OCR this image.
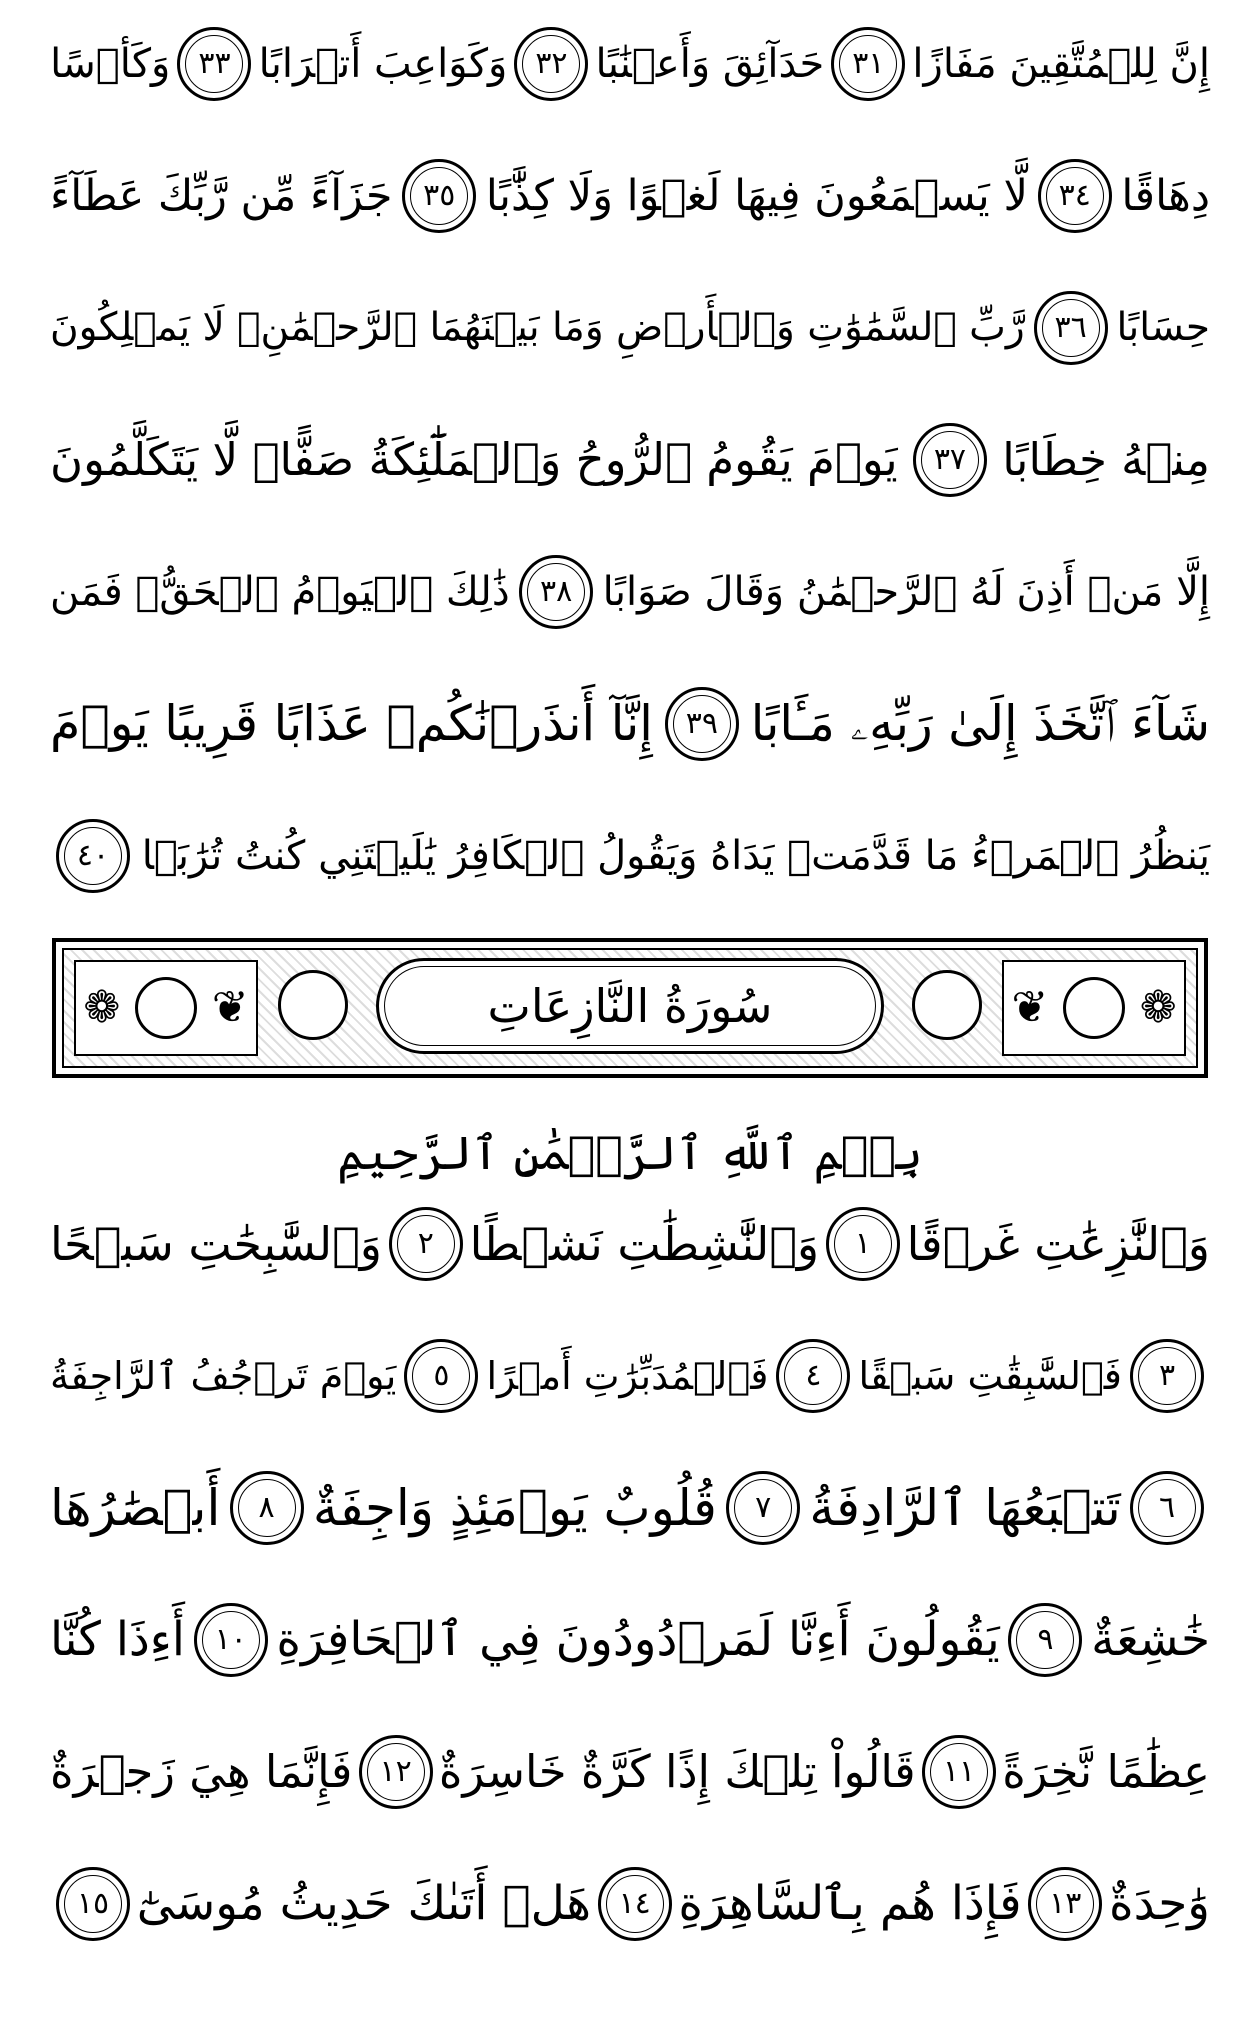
إِنَّ لِلۡمُتَّقِينَ مَفَازًا
٣١
حَدَآئِقَ وَأَعۡنَٰبًا
٣٢
وَكَوَاعِبَ أَتۡرَابًا
٣٣
وَكَأۡسًا
دِهَاقًا
٣٤
لَّا يَسۡمَعُونَ فِيهَا لَغۡوًا وَلَا كِذَّٰبًا
٣٥
جَزَآءً مِّن رَّبِّكَ عَطَآءً
حِسَابًا
٣٦
رَّبِّ ٱلسَّمَٰوَٰتِ وَٱلۡأَرۡضِ وَمَا بَيۡنَهُمَا ٱلرَّحۡمَٰنِۖ لَا يَمۡلِكُونَ
مِنۡهُ خِطَابًا
٣٧
يَوۡمَ يَقُومُ ٱلرُّوحُ وَٱلۡمَلَٰٓئِكَةُ صَفًّاۖ لَّا يَتَكَلَّمُونَ
إِلَّا مَنۡ أَذِنَ لَهُ ٱلرَّحۡمَٰنُ وَقَالَ صَوَابًا
٣٨
ذَٰلِكَ ٱلۡيَوۡمُ ٱلۡحَقُّۖ فَمَن
شَآءَ ٱتَّخَذَ إِلَىٰ رَبِّهِۦ مَـَٔابًا
٣٩
إِنَّآ أَنذَرۡنَٰكُمۡ عَذَابًا قَرِيبًا يَوۡمَ
يَنظُرُ ٱلۡمَرۡءُ مَا قَدَّمَتۡ يَدَاهُ وَيَقُولُ ٱلۡكَافِرُ يَٰلَيۡتَنِي كُنتُ تُرَٰبَۢا
٤٠
❁
❦
❦
❁	سُورَةُ النَّازِعَاتِ
بِسۡمِ ٱللَّهِ ٱلرَّحۡمَٰنِ ٱلرَّحِيمِ
وَٱلنَّٰزِعَٰتِ غَرۡقًا
١
وَٱلنَّٰشِطَٰتِ نَشۡطًا
٢
وَٱلسَّٰبِحَٰتِ سَبۡحًا
٣
فَٱلسَّٰبِقَٰتِ سَبۡقًا
٤
فَٱلۡمُدَبِّرَٰتِ أَمۡرًا
٥
يَوۡمَ تَرۡجُفُ ٱلرَّاجِفَةُ
٦
تَتۡبَعُهَا ٱلرَّادِفَةُ
٧
قُلُوبٌ يَوۡمَئِذٍ وَاجِفَةٌ
٨
أَبۡصَٰرُهَا
خَٰشِعَةٌ
٩
يَقُولُونَ أَءِنَّا لَمَرۡدُودُونَ فِي ٱلۡحَافِرَةِ
١٠
أَءِذَا كُنَّا
عِظَٰمًا نَّخِرَةً
١١
قَالُواْ تِلۡكَ إِذًا كَرَّةٌ خَاسِرَةٌ
١٢
فَإِنَّمَا هِيَ زَجۡرَةٌ
وَٰحِدَةٌ
١٣
فَإِذَا هُم بِٱلسَّاهِرَةِ
١٤
هَلۡ أَتَىٰكَ حَدِيثُ مُوسَىٰٓ
١٥
